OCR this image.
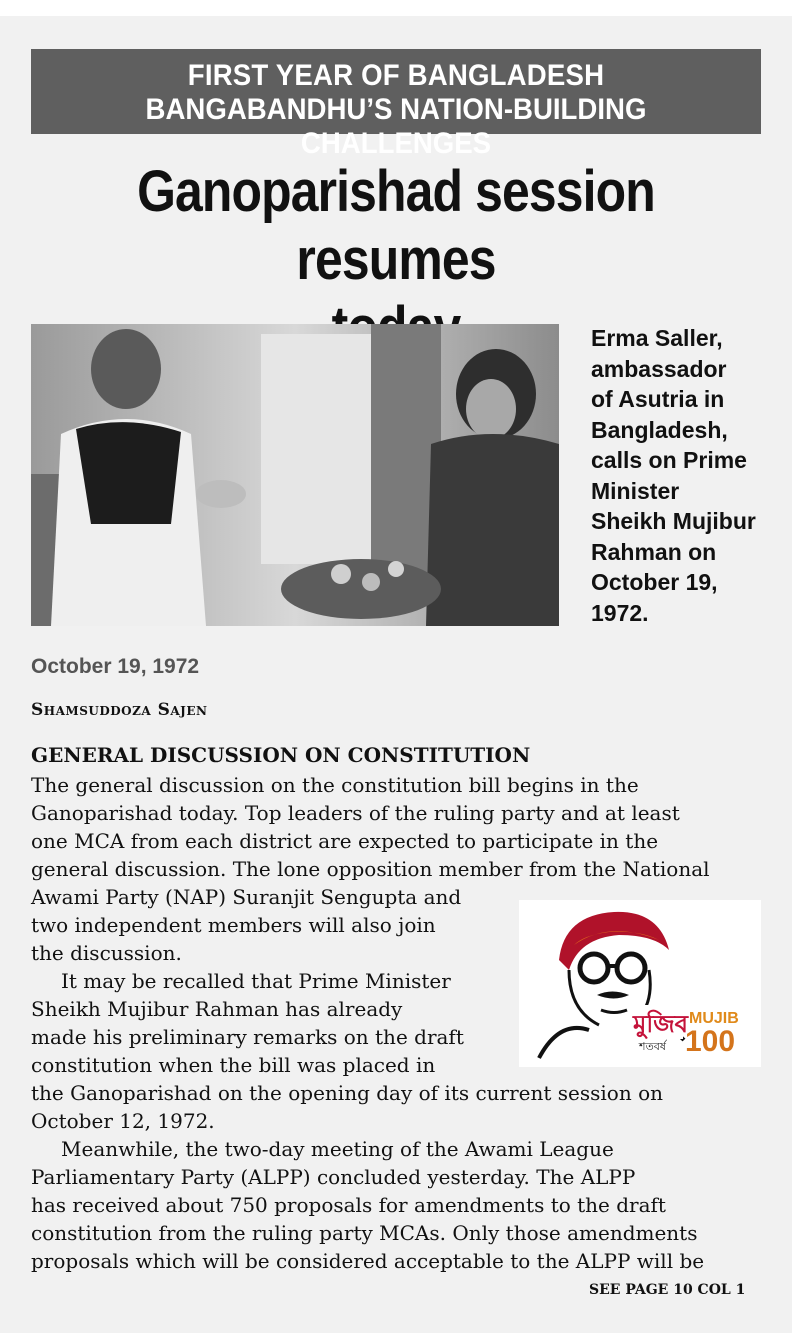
FIRST YEAR OF BANGLADESH
BANGABANDHU’S NATION-BUILDING CHALLENGES
Ganoparishad session resumes
Erma Saller,
ambassador
of Asutria in
Bangladesh,
calls on Prime
Minister
Sheikh Mujibur
Rahman on
October 19,
1972.
October 19, 1972
Shamsuddoza Sajen
GENERAL DISCUSSION ON CONSTITUTION
The general discussion on the constitution bill begins in the
Ganoparishad today. Top leaders of the ruling party and at least
one MCA from each district are expected to participate in the
general discussion. The lone opposition member from the National
Awami Party (NAP) Suranjit Sengupta and
two independent members will also join
the discussion.
It may be recalled that Prime Minister
Sheikh Mujibur Rahman has already
made his preliminary remarks on the draft
constitution when the bill was placed in
the Ganoparishad on the opening day of its current session on
October 12, 1972.
Meanwhile, the two-day meeting of the Awami League
Parliamentary Party (ALPP) concluded yesterday. The ALPP
has received about 750 proposals for amendments to the draft
constitution from the ruling party MCAs. Only those amendments
proposals which will be considered acceptable to the ALPP will be
মুজিব
শতবর্ষ
MUJIB
100
SEE PAGE 10 COL 1
